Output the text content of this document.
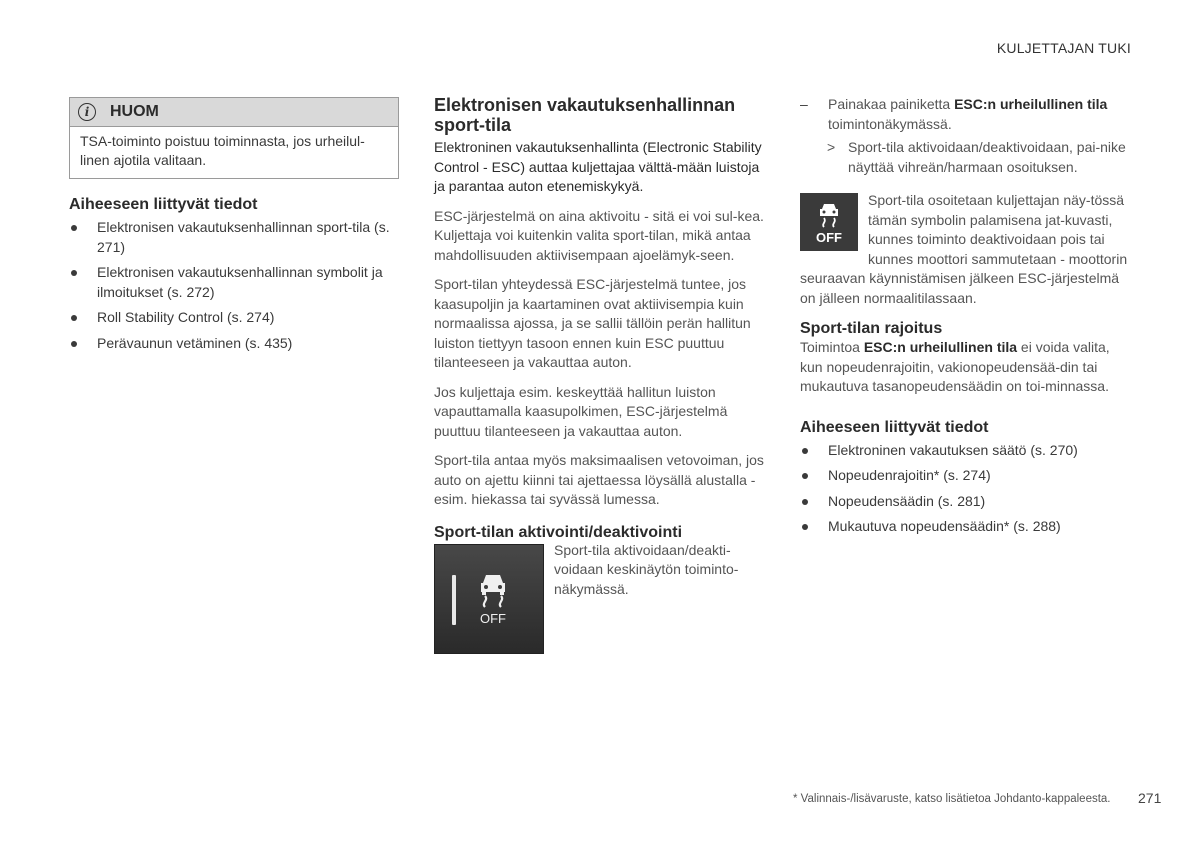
KULJETTAJAN TUKI
i	HUOM
TSA-toiminto poistuu toiminnasta, jos urheilul-linen ajotila valitaan.
Aiheeseen liittyvät tiedot
Elektronisen vakautuksenhallinnan sport-tila (s. 271)
Elektronisen vakautuksenhallinnan symbolit ja ilmoitukset (s. 272)
Roll Stability Control (s. 274)
Perävaunun vetäminen (s. 435)
Elektronisen vakautuksenhallinnan sport-tila

Elektroninen vakautuksenhallinta (Electronic Stability Control - ESC) auttaa kuljettajaa välttä-mään luistoja ja parantaa auton etenemiskykyä.

ESC-järjestelmä on aina aktivoitu - sitä ei voi sul-kea. Kuljettaja voi kuitenkin valita sport-tilan, mikä antaa mahdollisuuden aktiivisempaan ajoelämyk-seen.

Sport-tilan yhteydessä ESC-järjestelmä tuntee, jos kaasupoljin ja kaartaminen ovat aktiivisempia kuin normaalissa ajossa, ja se sallii tällöin perän hallitun luiston tiettyyn tasoon ennen kuin ESC puuttuu tilanteeseen ja vakauttaa auton.

Jos kuljettaja esim. keskeyttää hallitun luiston vapauttamalla kaasupolkimen, ESC-järjestelmä puuttuu tilanteeseen ja vakauttaa auton.

Sport-tila antaa myös maksimaalisen vetovoiman, jos auto on ajettu kiinni tai ajettaessa löysällä alustalla - esim. hiekassa tai syvässä lumessa.

Sport-tilan aktivointi/deaktivointi
OFF
Sport-tila aktivoidaan/deakti-voidaan keskinäytön toiminto-näkymässä.
– Painakaa painiketta ESC:n urheilullinen tila toimintonäkymässä.
> Sport-tila aktivoidaan/deaktivoidaan, pai-nike näyttää vihreän/harmaan osoituksen.
OFF
Sport-tila osoitetaan kuljettajan näy-tössä tämän symbolin palamisena jat-kuvasti, kunnes toiminto deaktivoidaan pois tai kunnes moottori sammutetaan - moottorin seuraavan käynnistämisen jälkeen ESC-järjestelmä on jälleen normaalitilassaan.
Sport-tilan rajoitus

Toimintoa ESC:n urheilullinen tila ei voida valita, kun nopeudenrajoitin, vakionopeudensää-din tai mukautuva tasanopeudensäädin on toi-minnassa.

Aiheeseen liittyvät tiedot
Elektroninen vakautuksen säätö (s. 270)
Nopeudenrajoitin* (s. 274)
Nopeudensäädin (s. 281)
Mukautuva nopeudensäädin* (s. 288)
* Valinnais-/lisävaruste, katso lisätietoa Johdanto-kappaleesta. 271
